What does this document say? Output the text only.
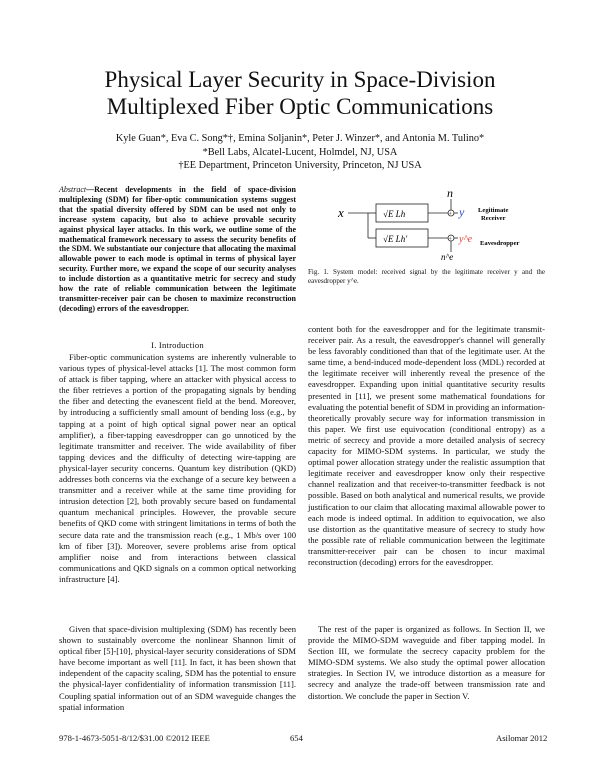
Physical Layer Security in Space-Division
Multiplexed Fiber Optic Communications
Kyle Guan*, Eva C. Song*†, Emina Soljanin*, Peter J. Winzer*, and Antonia M. Tulino*
*Bell Labs, Alcatel-Lucent, Holmdel, NJ, USA
†EE Department, Princeton University, Princeton, NJ USA
Abstract—Recent developments in the field of space-division multiplexing (SDM) for fiber-optic communication systems suggest that the spatial diversity offered by SDM can be used not only to increase system capacity, but also to achieve provable security against physical layer attacks. In this work, we outline some of the mathematical framework necessary to assess the security benefits of the SDM. We substantiate our conjecture that allocating the maximal allowable power to each mode is optimal in terms of physical layer security. Further more, we expand the scope of our security analyses to include distortion as a quantitative metric for secrecy and study how the rate of reliable communication between the legitimate transmitter-receiver pair can be chosen to maximize reconstruction (decoding) errors of the eavesdropper.
I. Introduction
Fiber-optic communication systems are inherently vulnerable to various types of physical-level attacks [1]. The most common form of attack is fiber tapping, where an attacker with physical access to the fiber retrieves a portion of the propagating signals by bending the fiber and detecting the evanescent field at the bend. Moreover, by introducing a sufficiently small amount of bending loss (e.g., by tapping at a point of high optical signal power near an optical amplifier), a fiber-tapping eavesdropper can go unnoticed by the legitimate transmitter and receiver. The wide availability of fiber tapping devices and the difficulty of detecting wire-tapping are physical-layer security concerns. Quantum key distribution (QKD) addresses both concerns via the exchange of a secure key between a transmitter and a receiver while at the same time providing for intrusion detection [2], both provably secure based on fundamental quantum mechanical principles. However, the provable secure benefits of QKD come with stringent limitations in terms of both the secure data rate and the transmission reach (e.g., 1 Mb/s over 100 km of fiber [3]). Moreover, severe problems arise from optical amplifier noise and from interactions between classical communications and QKD signals on a common optical networking infrastructure [4].
Given that space-division multiplexing (SDM) has recently been shown to sustainably overcome the nonlinear Shannon limit of optical fiber [5]-[10], physical-layer security considerations of SDM have become important as well [11]. In fact, it has been shown that independent of the capacity scaling, SDM has the potential to ensure the physical-layer confidentiality of information transmission [11]. Coupling spatial information out of an SDM waveguide changes the spatial information
x	√E Lh
√E Lh'
+
n
y
+
n^e
y^e
Legitimate
Receiver
Eavesdropper
Fig. 1. System model: received signal by the legitimate receiver y and the eavesdropper y^e.
content both for the eavesdropper and for the legitimate transmit-receiver pair. As a result, the eavesdropper's channel will generally be less favorably conditioned than that of the legitimate user. At the same time, a bend-induced mode-dependent loss (MDL) recorded at the legitimate receiver will inherently reveal the presence of the eavesdropper. Expanding upon initial quantitative security results presented in [11], we present some mathematical foundations for evaluating the potential benefit of SDM in providing an information-theoretically provably secure way for information transmission in this paper. We first use equivocation (conditional entropy) as a metric of secrecy and provide a more detailed analysis of secrecy capacity for MIMO-SDM systems. In particular, we study the optimal power allocation strategy under the realistic assumption that legitimate receiver and eavesdropper know only their respective channel realization and that receiver-to-transmitter feedback is not possible. Based on both analytical and numerical results, we provide justification to our claim that allocating maximal allowable power to each mode is indeed optimal. In addition to equivocation, we also use distortion as the quantitative measure of secrecy to study how the possible rate of reliable communication between the legitimate transmitter-receiver pair can be chosen to incur maximal reconstruction (decoding) errors for the eavesdropper.
The rest of the paper is organized as follows. In Section II, we provide the MIMO-SDM waveguide and fiber tapping model. In Section III, we formulate the secrecy capacity problem for the MIMO-SDM systems. We also study the optimal power allocation strategies. In Section IV, we introduce distortion as a measure for secrecy and analyze the trade-off between transmission rate and distortion. We conclude the paper in Section V.
978-1-4673-5051-8/12/$31.00 ©2012 IEEE	654	Asilomar 2012
